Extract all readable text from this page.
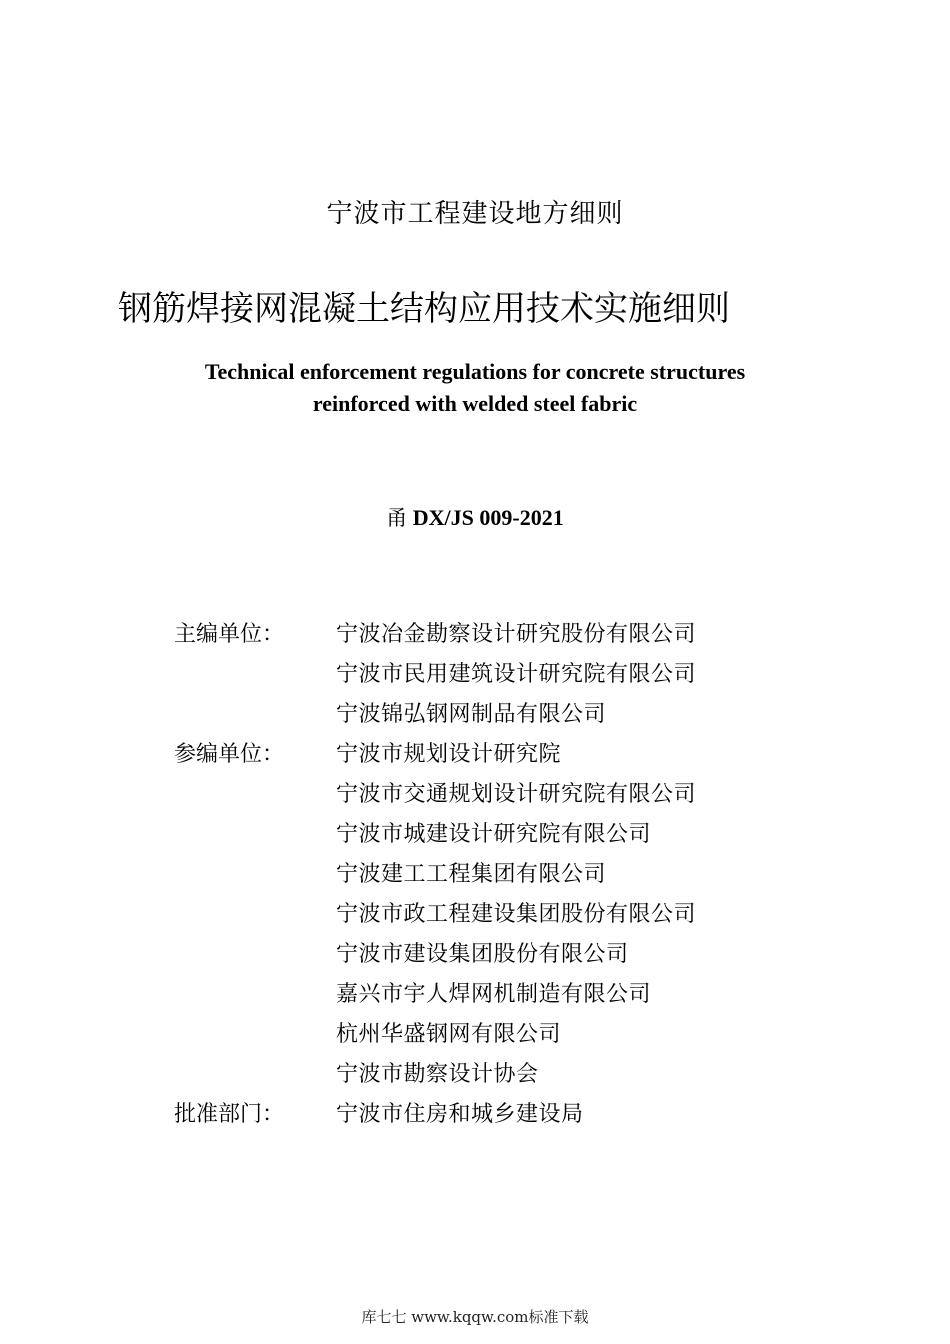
宁波市工程建设地方细则
钢筋焊接网混凝土结构应用技术实施细则
Technical enforcement regulations for concrete structures
reinforced with welded steel fabric
甬 DX/JS 009-2021
主编单位：	宁波冶金勘察设计研究股份有限公司
宁波市民用建筑设计研究院有限公司
宁波锦弘钢网制品有限公司
参编单位：	宁波市规划设计研究院
宁波市交通规划设计研究院有限公司
宁波市城建设计研究院有限公司
宁波建工工程集团有限公司
宁波市政工程建设集团股份有限公司
宁波市建设集团股份有限公司
嘉兴市宇人焊网机制造有限公司
杭州华盛钢网有限公司
宁波市勘察设计协会
批准部门：	宁波市住房和城乡建设局
库七七 www.kqqw.com标准下载
